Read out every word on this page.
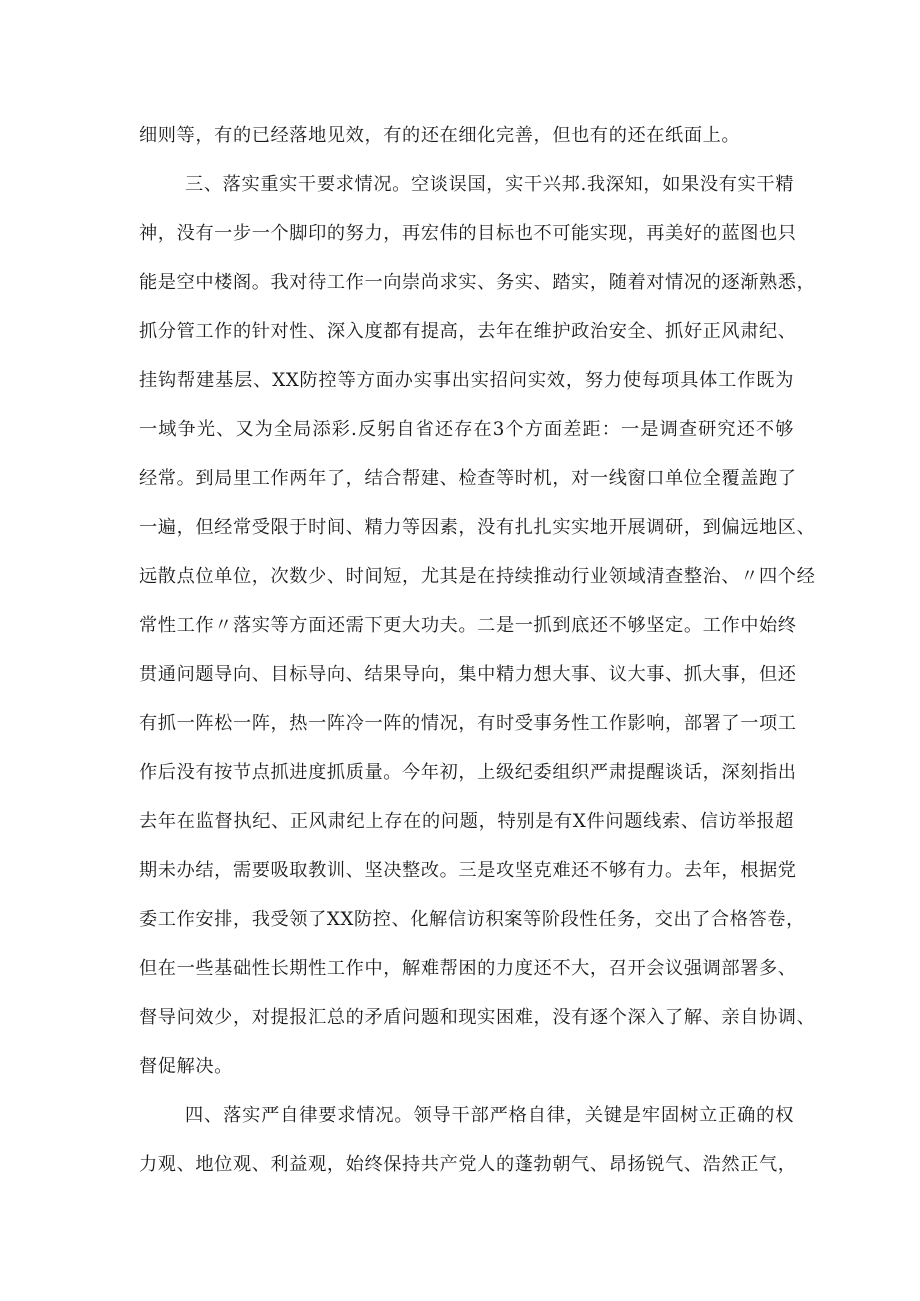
细则等，有的已经落地见效，有的还在细化完善，但也有的还在纸面上。
三、落实重实干要求情况。空谈误国，实干兴邦.我深知，如果没有实干精
神，没有一步一个脚印的努力，再宏伟的目标也不可能实现，再美好的蓝图也只
能是空中楼阁。我对待工作一向崇尚求实、务实、踏实，随着对情况的逐渐熟悉，
抓分管工作的针对性、深入度都有提高，去年在维护政治安全、抓好正风肃纪、
挂钩帮建基层、XX防控等方面办实事出实招问实效，努力使每项具体工作既为
一域争光、又为全局添彩.反躬自省还存在3个方面差距：一是调查研究还不够
经常。到局里工作两年了，结合帮建、检查等时机，对一线窗口单位全覆盖跑了
一遍，但经常受限于时间、精力等因素，没有扎扎实实地开展调研，到偏远地区、
远散点位单位，次数少、时间短，尤其是在持续推动行业领域清查整治、〃四个经
常性工作〃落实等方面还需下更大功夫。二是一抓到底还不够坚定。工作中始终
贯通问题导向、目标导向、结果导向，集中精力想大事、议大事、抓大事，但还
有抓一阵松一阵，热一阵冷一阵的情况，有时受事务性工作影响，部署了一项工
作后没有按节点抓进度抓质量。今年初，上级纪委组织严肃提醒谈话，深刻指出
去年在监督执纪、正风肃纪上存在的问题，特别是有X件问题线索、信访举报超
期未办结，需要吸取教训、坚决整改。三是攻坚克难还不够有力。去年，根据党
委工作安排，我受领了XX防控、化解信访积案等阶段性任务，交出了合格答卷，
但在一些基础性长期性工作中，解难帮困的力度还不大，召开会议强调部署多、
督导问效少，对提报汇总的矛盾问题和现实困难，没有逐个深入了解、亲自协调、
督促解决。
四、落实严自律要求情况。领导干部严格自律，关键是牢固树立正确的权
力观、地位观、利益观，始终保持共产党人的蓬勃朝气、昂扬锐气、浩然正气，
